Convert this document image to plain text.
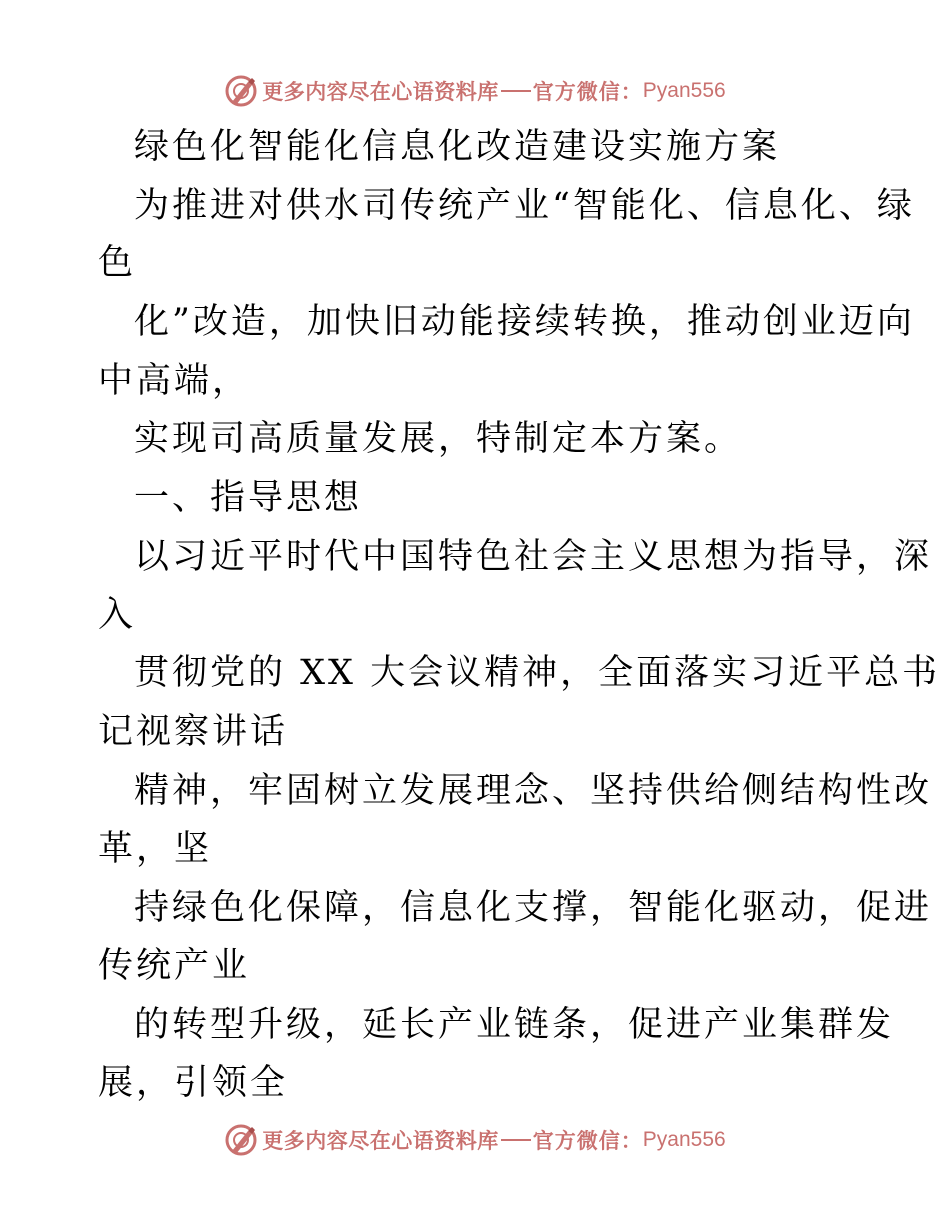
更多内容尽在心语资料库 官方微信： Pyan556
绿色化智能化信息化改造建设实施方案
为推进对供水司传统产业“智能化、信息化、绿
色
化”改造，加快旧动能接续转换，推动创业迈向
中高端，
实现司高质量发展，特制定本方案。
一、指导思想
以习近平时代中国特色社会主义思想为指导，深
入
贯彻党的 XX 大会议精神，全面落实习近平总书
记视察讲话
精神，牢固树立发展理念、坚持供给侧结构性改
革，坚
持绿色化保障，信息化支撑，智能化驱动，促进
传统产业
的转型升级，延长产业链条，促进产业集群发
展，引领全
更多内容尽在心语资料库 官方微信： Pyan556
